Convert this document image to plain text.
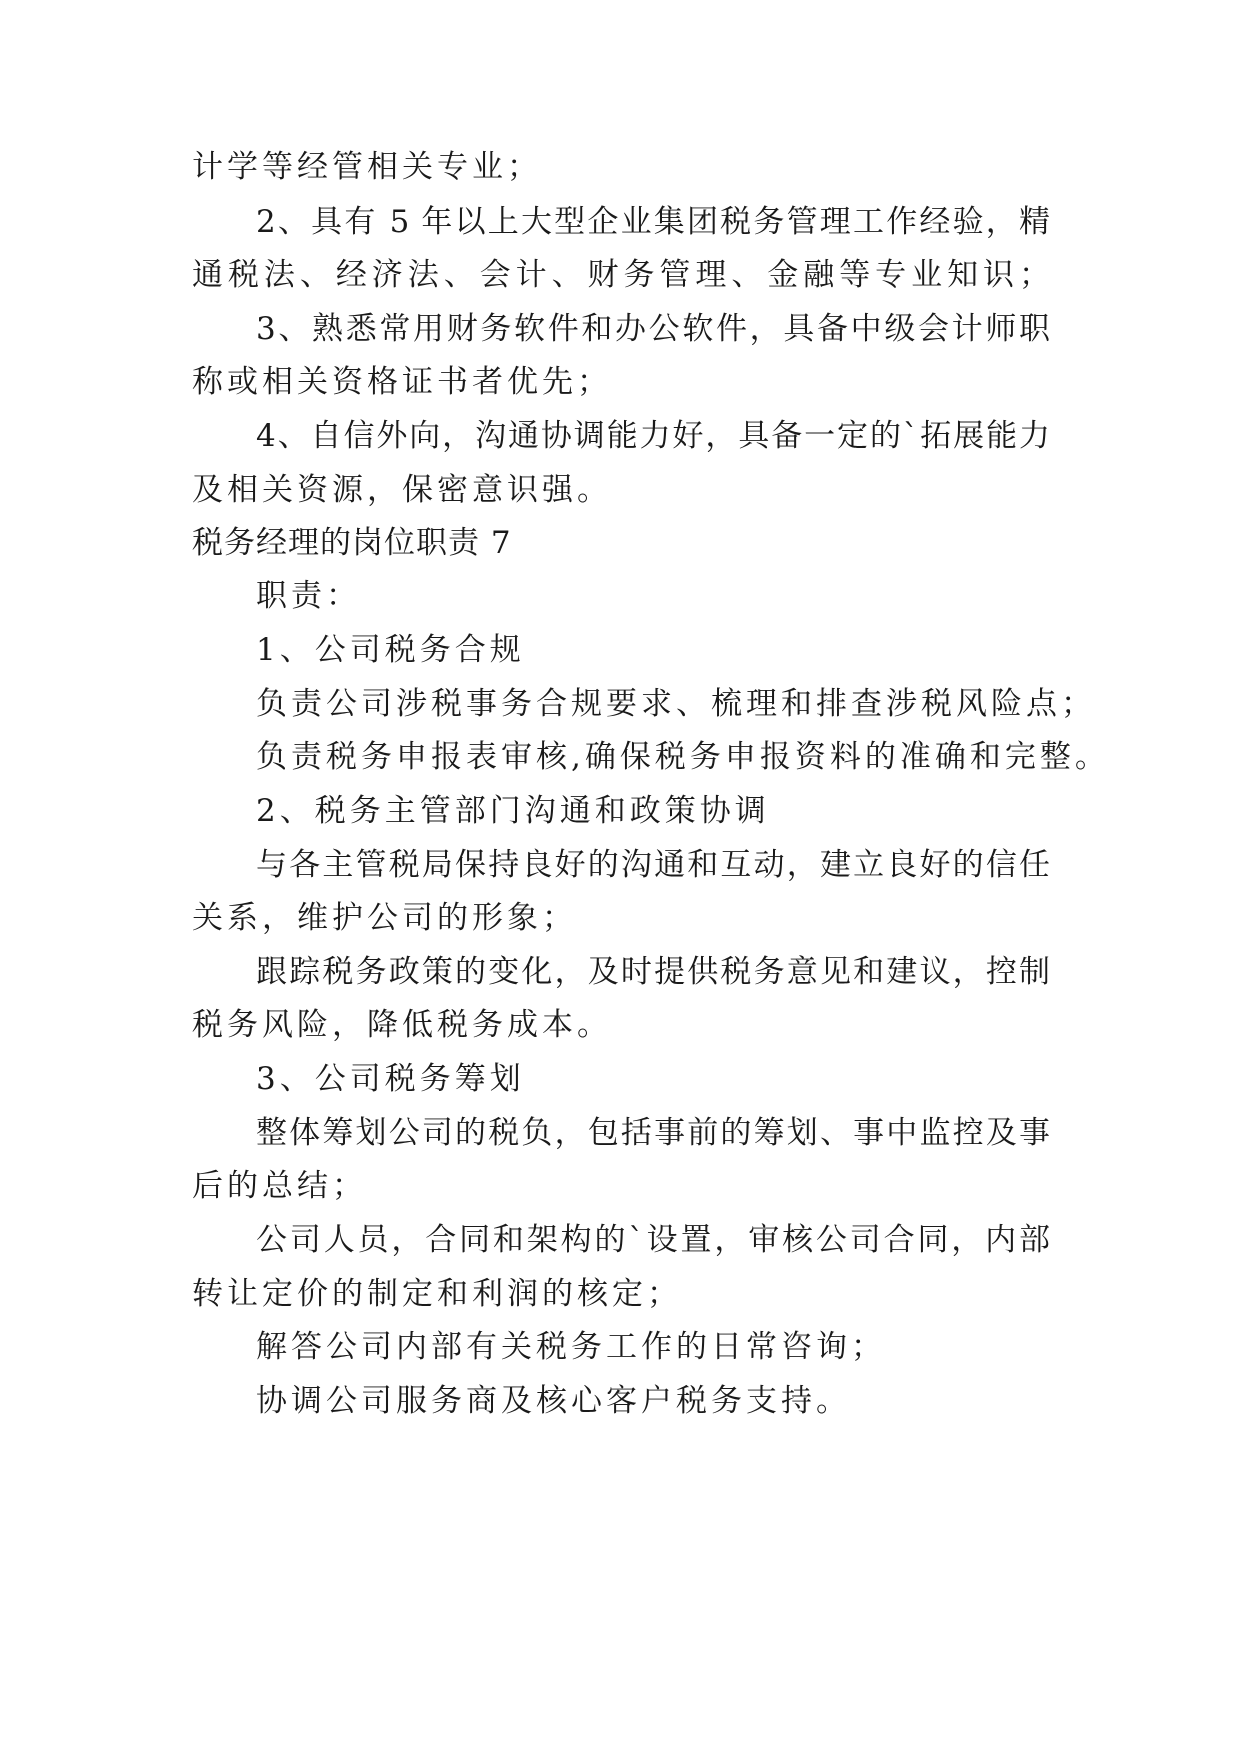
计学等经管相关专业；
2、具有 5 年以上大型企业集团税务管理工作经验，精
通税法、经济法、会计、财务管理、金融等专业知识；
3、熟悉常用财务软件和办公软件，具备中级会计师职
称或相关资格证书者优先；
4、自信外向，沟通协调能力好，具备一定的`拓展能力
及相关资源，保密意识强。
税务经理的岗位职责 7
职责：
1、公司税务合规
负责公司涉税事务合规要求、梳理和排查涉税风险点；
负责税务申报表审核,确保税务申报资料的准确和完整。
2、税务主管部门沟通和政策协调
与各主管税局保持良好的沟通和互动，建立良好的信任
关系，维护公司的形象；
跟踪税务政策的变化，及时提供税务意见和建议，控制
税务风险，降低税务成本。
3、公司税务筹划
整体筹划公司的税负，包括事前的筹划、事中监控及事
后的总结；
公司人员，合同和架构的`设置，审核公司合同，内部
转让定价的制定和利润的核定；
解答公司内部有关税务工作的日常咨询；
协调公司服务商及核心客户税务支持。
